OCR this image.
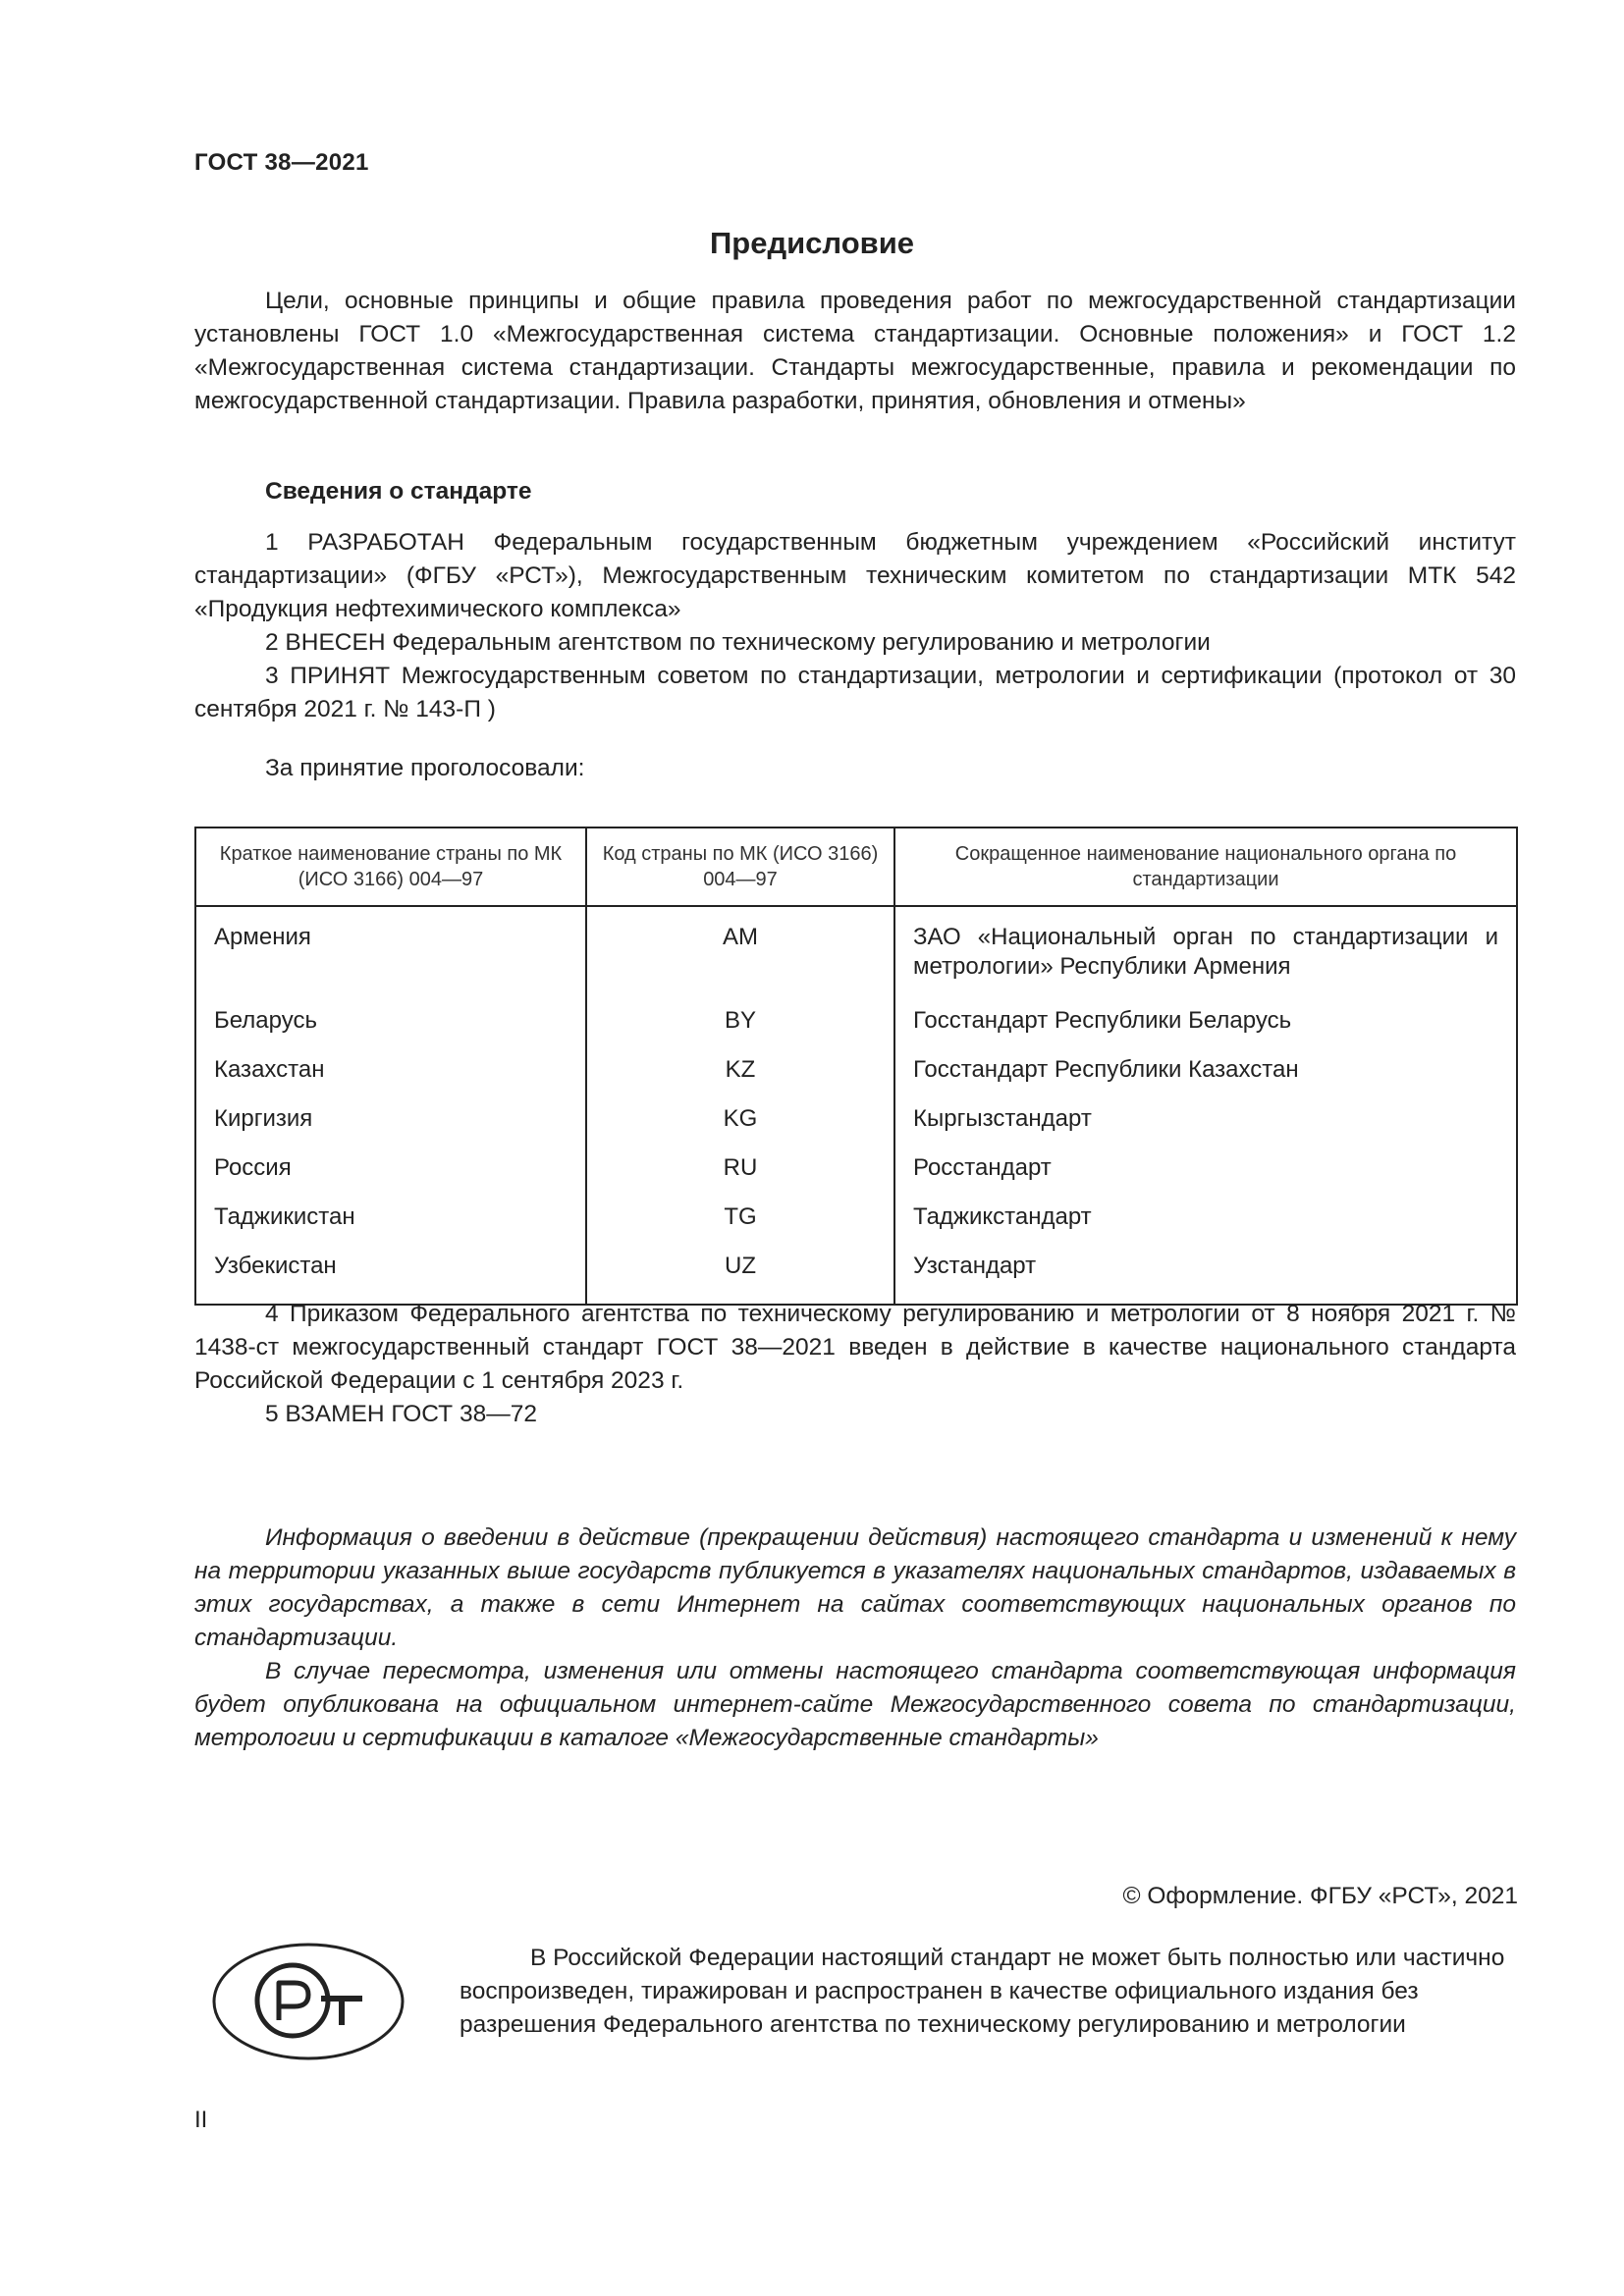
ГОСТ 38—2021
Предисловие

Цели, основные принципы и общие правила проведения работ по межгосударственной стандартизации установлены ГОСТ 1.0 «Межгосударственная система стандартизации. Основные положения» и ГОСТ 1.2 «Межгосударственная система стандартизации. Стандарты межгосударственные, правила и рекомендации по межгосударственной стандартизации. Правила разработки, принятия, обновления и отмены»

Сведения о стандарте

1 РАЗРАБОТАН Федеральным государственным бюджетным учреждением «Российский институт стандартизации» (ФГБУ «РСТ»), Межгосударственным техническим комитетом по стандартизации МТК 542 «Продукция нефтехимического комплекса»

2 ВНЕСЕН Федеральным агентством по техническому регулированию и метрологии

3 ПРИНЯТ Межгосударственным советом по стандартизации, метрологии и сертификации (протокол от 30 сентября 2021 г. № 143-П )

За принятие проголосовали:

Краткое наименование страны по МК (ИСО 3166) 004—97	Код страны по МК (ИСО 3166) 004—97	Сокращенное наименование национального органа по стандартизации
Армения	AM	ЗАО «Национальный орган по стандартизации и метрологии» Республики Армения
Беларусь	BY	Госстандарт Республики Беларусь
Казахстан	KZ	Госстандарт Республики Казахстан
Киргизия	KG	Кыргызстандарт
Россия	RU	Росстандарт
Таджикистан	TG	Таджикстандарт
Узбекистан	UZ	Узстандарт

4 Приказом Федерального агентства по техническому регулированию и метрологии от 8 ноября 2021 г. № 1438-ст межгосударственный стандарт ГОСТ 38—2021 введен в действие в качестве национального стандарта Российской Федерации с 1 сентября 2023 г.

5 ВЗАМЕН ГОСТ 38—72

Информация о введении в действие (прекращении действия) настоящего стандарта и изменений к нему на территории указанных выше государств публикуется в указателях национальных стандартов, издаваемых в этих государствах, а также в сети Интернет на сайтах соответствующих национальных органов по стандартизации.

В случае пересмотра, изменения или отмены настоящего стандарта соответствующая информация будет опубликована на официальном интернет-сайте Межгосударственного совета по стандартизации, метрологии и сертификации в каталоге «Межгосударственные стандарты»

© Оформление. ФГБУ «РСТ», 2021

В Российской Федерации настоящий стандарт не может быть полностью или частично воспроизведен, тиражирован и распространен в качестве официального издания без разрешения Федерального агентства по техническому регулированию и метрологии

II
